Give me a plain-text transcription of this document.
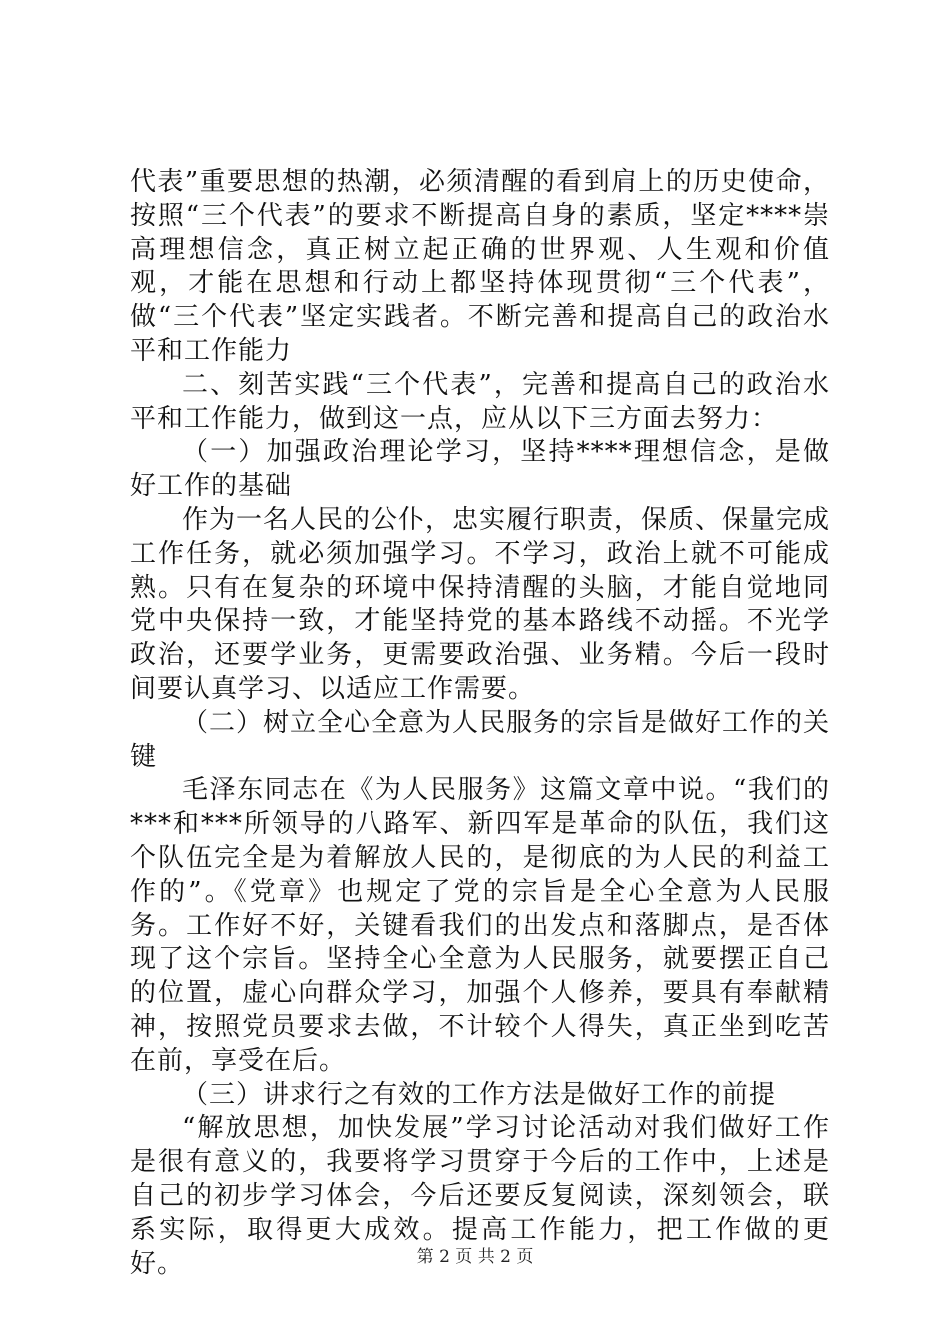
代表”重要思想的热潮，必须清醒的看到肩上的历史使命，按照“三个代表”的要求不断提高自身的素质，坚定****崇高理想信念，真正树立起正确的世界观、人生观和价值观，才能在思想和行动上都坚持体现贯彻“三个代表”，做“三个代表”坚定实践者。不断完善和提高自己的政治水平和工作能力

二、刻苦实践“三个代表”，完善和提高自己的政治水平和工作能力，做到这一点，应从以下三方面去努力：

（一）加强政治理论学习，坚持****理想信念，是做好工作的基础

作为一名人民的公仆，忠实履行职责，保质、保量完成工作任务，就必须加强学习。不学习，政治上就不可能成熟。只有在复杂的环境中保持清醒的头脑，才能自觉地同党中央保持一致，才能坚持党的基本路线不动摇。不光学政治，还要学业务，更需要政治强、业务精。今后一段时间要认真学习、以适应工作需要。

（二）树立全心全意为人民服务的宗旨是做好工作的关键

毛泽东同志在《为人民服务》这篇文章中说。“我们的***和***所领导的八路军、新四军是革命的队伍，我们这个队伍完全是为着解放人民的，是彻底的为人民的利益工作的”。《党章》也规定了党的宗旨是全心全意为人民服务。工作好不好，关键看我们的出发点和落脚点，是否体现了这个宗旨。坚持全心全意为人民服务，就要摆正自己的位置，虚心向群众学习，加强个人修养，要具有奉献精神，按照党员要求去做，不计较个人得失，真正坐到吃苦在前，享受在后。

（三）讲求行之有效的工作方法是做好工作的前提

“解放思想，加快发展”学习讨论活动对我们做好工作是很有意义的，我要将学习贯穿于今后的工作中，上述是自己的初步学习体会，今后还要反复阅读，深刻领会，联系实际，取得更大成效。提高工作能力，把工作做的更好。	第 2 页 共 2 页
